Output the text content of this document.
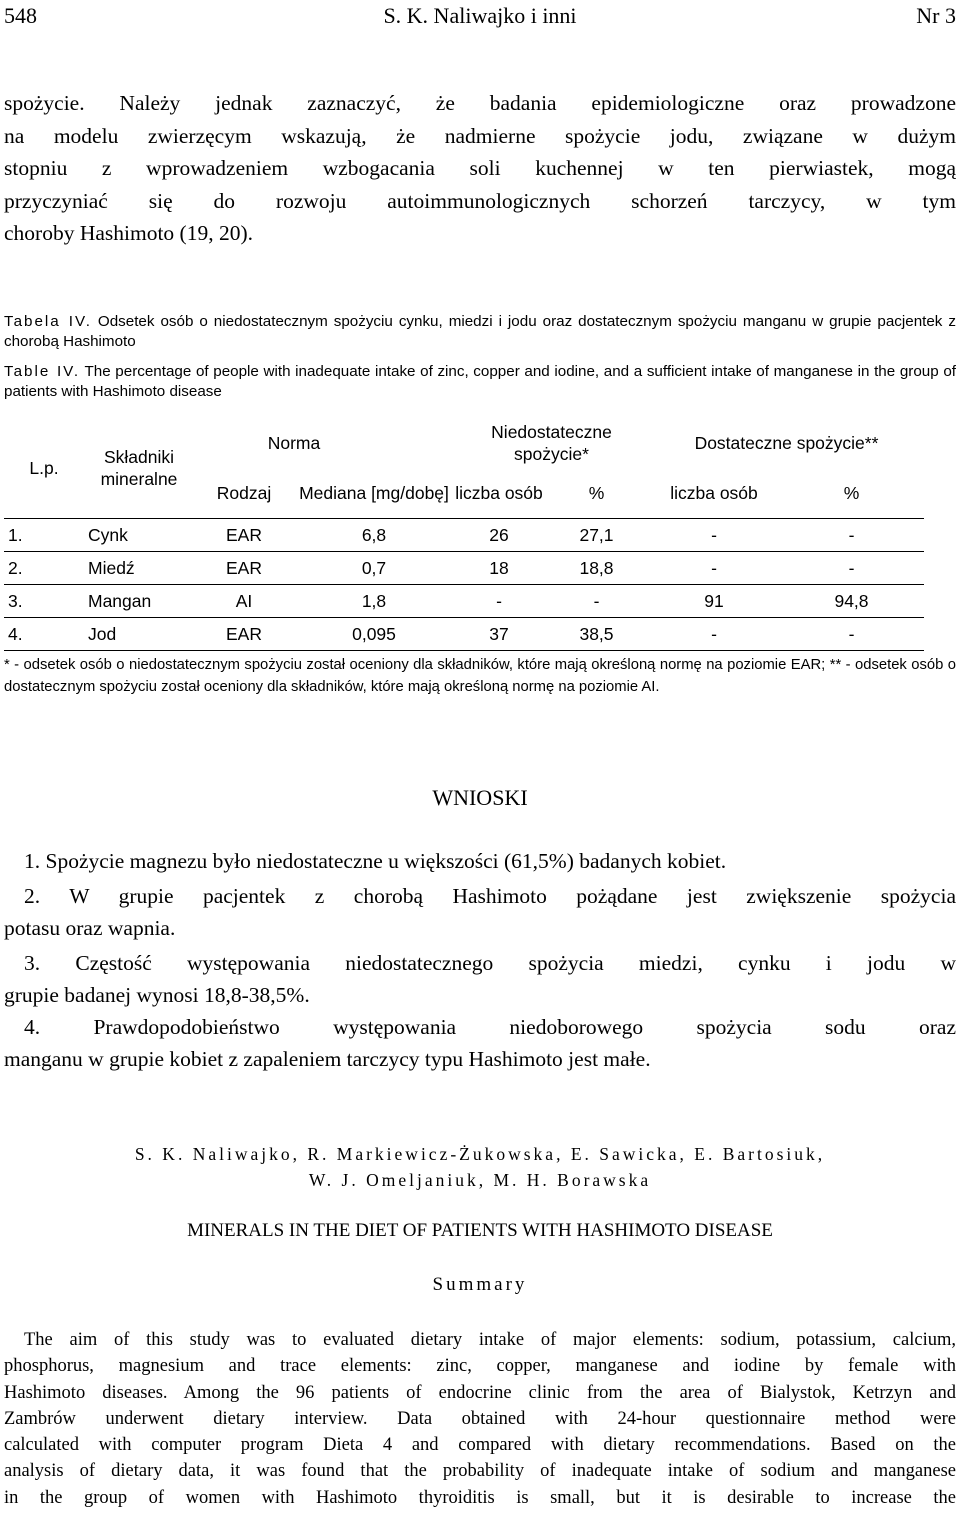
548	S. K. Naliwajko i inni	Nr 3
spożycie. Należy jednak zaznaczyć, że badania epidemiologiczne oraz prowadzone
na modelu zwierzęcym wskazują, że nadmierne spożycie jodu, związane w dużym
stopniu z wprowadzeniem wzbogacania soli kuchennej w ten pierwiastek, mogą
przyczyniać się do rozwoju autoimmunologicznych schorzeń tarczycy, w tym
choroby Hashimoto (19, 20).
Tabela IV. Odsetek osób o niedostatecznym spożyciu cynku, miedzi i jodu oraz dostatecznym spożyciu manganu w grupie pacjentek z chorobą Hashimoto
Table IV. The percentage of people with inadequate intake of zinc, copper and iodine, and a sufficient intake of manganese in the group of patients with Hashimoto disease
L.p.	Składniki mineralne	Norma		Niedostateczne spożycie*		Dostateczne spożycie**	
		Rodzaj	Mediana [mg/dobę]	liczba osób	%	liczba osób	%
1.	Cynk	EAR	6,8	26	27,1	-	-
2.	Miedź	EAR	0,7	18	18,8	-	-
3.	Mangan	AI	1,8	-	-	91	94,8
4.	Jod	EAR	0,095	37	38,5	-	-
* - odsetek osób o niedostatecznym spożyciu został oceniony dla składników, które mają określoną normę na poziomie EAR; ** - odsetek osób o dostatecznym spożyciu został oceniony dla składników, które mają określoną normę na poziomie AI.
WNIOSKI
1. Spożycie magnezu było niedostateczne u większości (61,5%) badanych kobiet.
2. W grupie pacjentek z chorobą Hashimoto pożądane jest zwiększenie spożycia
potasu oraz wapnia.
3. Częstość występowania niedostatecznego spożycia miedzi, cynku i jodu w
grupie badanej wynosi 18,8-38,5%.
4. Prawdopodobieństwo występowania niedoborowego spożycia sodu oraz
manganu w grupie kobiet z zapaleniem tarczycy typu Hashimoto jest małe.
S. K. Naliwajko, R. Markiewicz-Żukowska, E. Sawicka, E. Bartosiuk,
W. J. Omeljaniuk, M. H. Borawska
MINERALS IN THE DIET OF PATIENTS WITH HASHIMOTO DISEASE
Summary
The aim of this study was to evaluated dietary intake of major elements: sodium, potassium, calcium,
phosphorus, magnesium and trace elements: zinc, copper, manganese and iodine by female with
Hashimoto diseases. Among the 96 patients of endocrine clinic from the area of Bialystok, Ketrzyn and
Zambrów underwent dietary interview. Data obtained with 24-hour questionnaire method were
calculated with computer program Dieta 4 and compared with dietary recommendations. Based on the
analysis of dietary data, it was found that the probability of inadequate intake of sodium and manganese
in the group of women with Hashimoto thyroiditis is small, but it is desirable to increase the
